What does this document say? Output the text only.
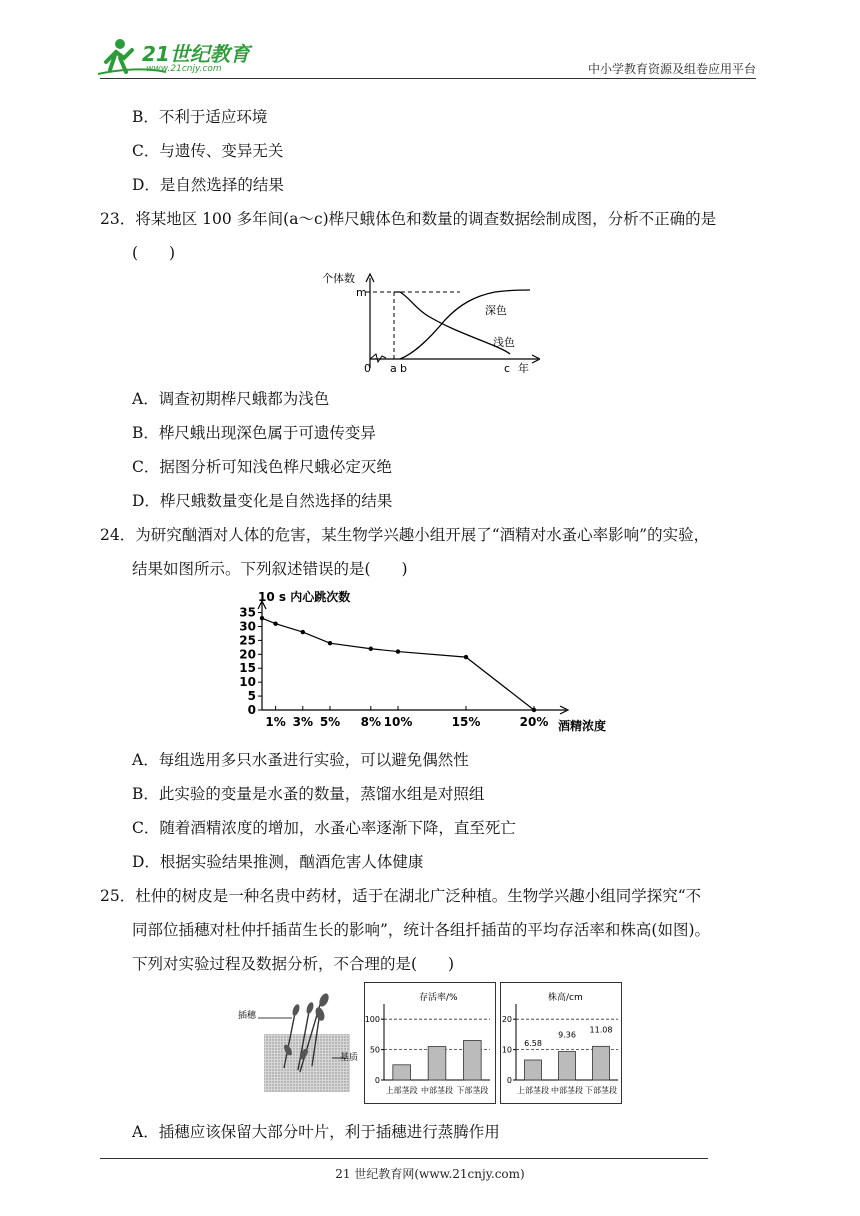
21世纪教育
www.21cnjy.com	中小学教育资源及组卷应用平台
B．不利于适应环境
C．与遗传、变异无关
D．是自然选择的结果
23．将某地区 100 多年间(a～c)桦尺蛾体色和数量的调查数据绘制成图，分析不正确的是
(　　)
个体数
m
深色
浅色
0 a b	c 年
A．调查初期桦尺蛾都为浅色
B．桦尺蛾出现深色属于可遗传变异
C．据图分析可知浅色桦尺蛾必定灭绝
D．桦尺蛾数量变化是自然选择的结果
24．为研究酗酒对人体的危害，某生物学兴趣小组开展了“酒精对水蚤心率影响”的实验，
结果如图所示。下列叙述错误的是(　　)
10 s 内心跳次数
酒精浓度
0
5
10
15
20
25
30
35
1% 3% 5% 8% 10%	15%	20%
A．每组选用多只水蚤进行实验，可以避免偶然性
B．此实验的变量是水蚤的数量，蒸馏水组是对照组
C．随着酒精浓度的增加，水蚤心率逐渐下降，直至死亡
D．根据实验结果推测，酗酒危害人体健康
25．杜仲的树皮是一种名贵中药材，适于在湖北广泛种植。生物学兴趣小组同学探究“不
同部位插穗对杜仲扦插苗生长的影响”，统计各组扦插苗的平均存活率和株高(如图)。
下列对实验过程及数据分析，不合理的是(　　)
插穗
基质
存活率/%
0
50
100
上部茎段 中部茎段 下部茎段
株高/cm
0
10
20
6.58
上部茎段
9.36
中部茎段
11.08
下部茎段
A．插穗应该保留大部分叶片，利于插穗进行蒸腾作用
21 世纪教育网(www.21cnjy.com)
